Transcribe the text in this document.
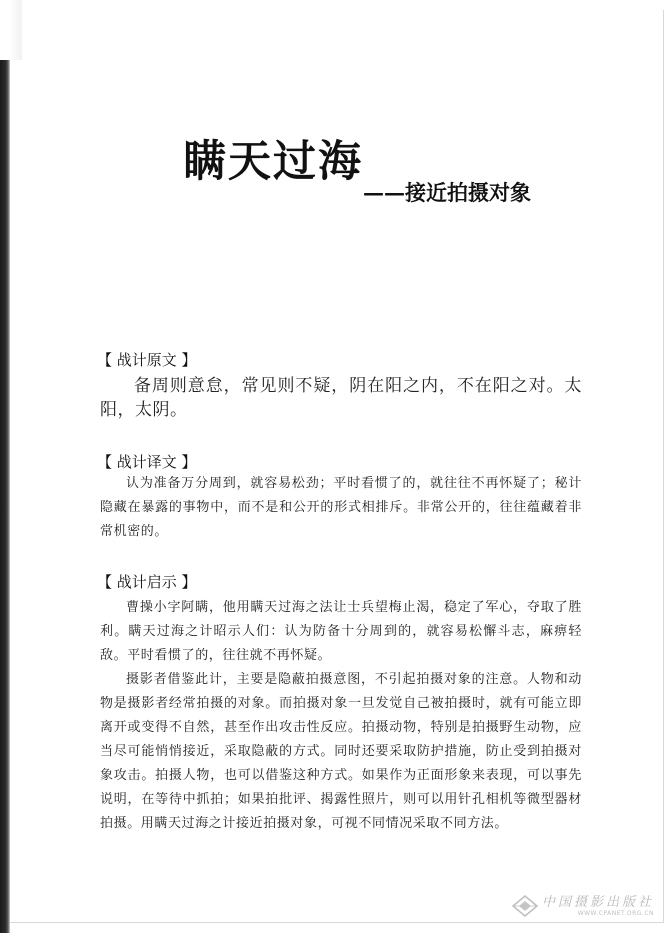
瞒天过海
——接近拍摄对象
【 战计原文 】

备周则意怠，常见则不疑，阴在阳之内，不在阳之对。太阳，太阴。

【 战计译文 】

认为准备万分周到，就容易松劲；平时看惯了的，就往往不再怀疑了；秘计隐藏在暴露的事物中，而不是和公开的形式相排斥。非常公开的，往往蕴藏着非常机密的。

【 战计启示 】

曹操小字阿瞒，他用瞒天过海之法让士兵望梅止渴，稳定了军心，夺取了胜利。瞒天过海之计昭示人们：认为防备十分周到的，就容易松懈斗志，麻痹轻敌。平时看惯了的，往往就不再怀疑。

摄影者借鉴此计，主要是隐蔽拍摄意图，不引起拍摄对象的注意。人物和动物是摄影者经常拍摄的对象。而拍摄对象一旦发觉自己被拍摄时，就有可能立即离开或变得不自然，甚至作出攻击性反应。拍摄动物，特别是拍摄野生动物，应当尽可能悄悄接近，采取隐蔽的方式。同时还要采取防护措施，防止受到拍摄对象攻击。拍摄人物，也可以借鉴这种方式。如果作为正面形象来表现，可以事先说明，在等待中抓拍；如果拍批评、揭露性照片，则可以用针孔相机等微型器材拍摄。用瞒天过海之计接近拍摄对象，可视不同情况采取不同方法。

中国摄影出版社
WWW.CPANET.ORG.CN
